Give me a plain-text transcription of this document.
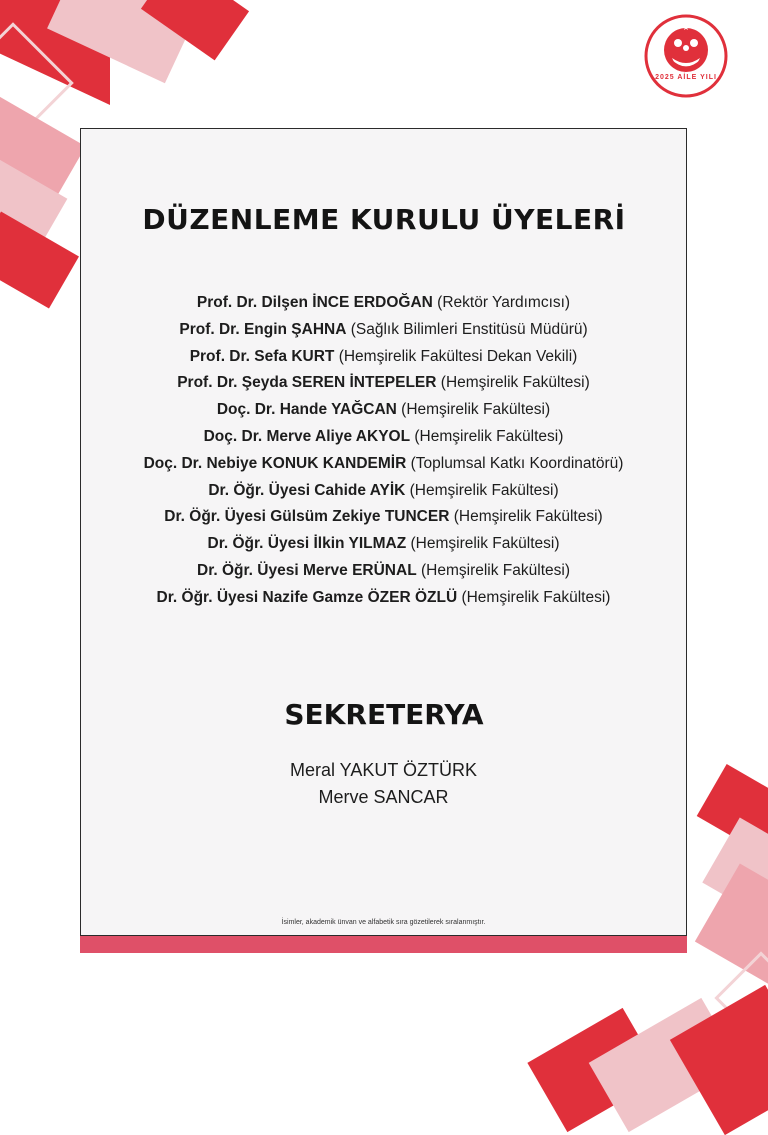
★
2025 AİLE YILI
DÜZENLEME KURULU ÜYELERİ
Prof. Dr. Dilşen İNCE ERDOĞAN (Rektör Yardımcısı)
Prof. Dr. Engin ŞAHNA (Sağlık Bilimleri Enstitüsü Müdürü)
Prof. Dr. Sefa KURT (Hemşirelik Fakültesi Dekan Vekili)
Prof. Dr. Şeyda SEREN İNTEPELER (Hemşirelik Fakültesi)
Doç. Dr. Hande YAĞCAN (Hemşirelik Fakültesi)
Doç. Dr. Merve Aliye AKYOL (Hemşirelik Fakültesi)
Doç. Dr. Nebiye KONUK KANDEMİR (Toplumsal Katkı Koordinatörü)
Dr. Öğr. Üyesi Cahide AYİK (Hemşirelik Fakültesi)
Dr. Öğr. Üyesi Gülsüm Zekiye TUNCER (Hemşirelik Fakültesi)
Dr. Öğr. Üyesi İlkin YILMAZ (Hemşirelik Fakültesi)
Dr. Öğr. Üyesi Merve ERÜNAL (Hemşirelik Fakültesi)
Dr. Öğr. Üyesi Nazife Gamze ÖZER ÖZLÜ (Hemşirelik Fakültesi)
SEKRETERYA
Meral YAKUT ÖZTÜRK
Merve SANCAR
İsimler, akademik ünvan ve alfabetik sıra gözetilerek sıralanmıştır.
